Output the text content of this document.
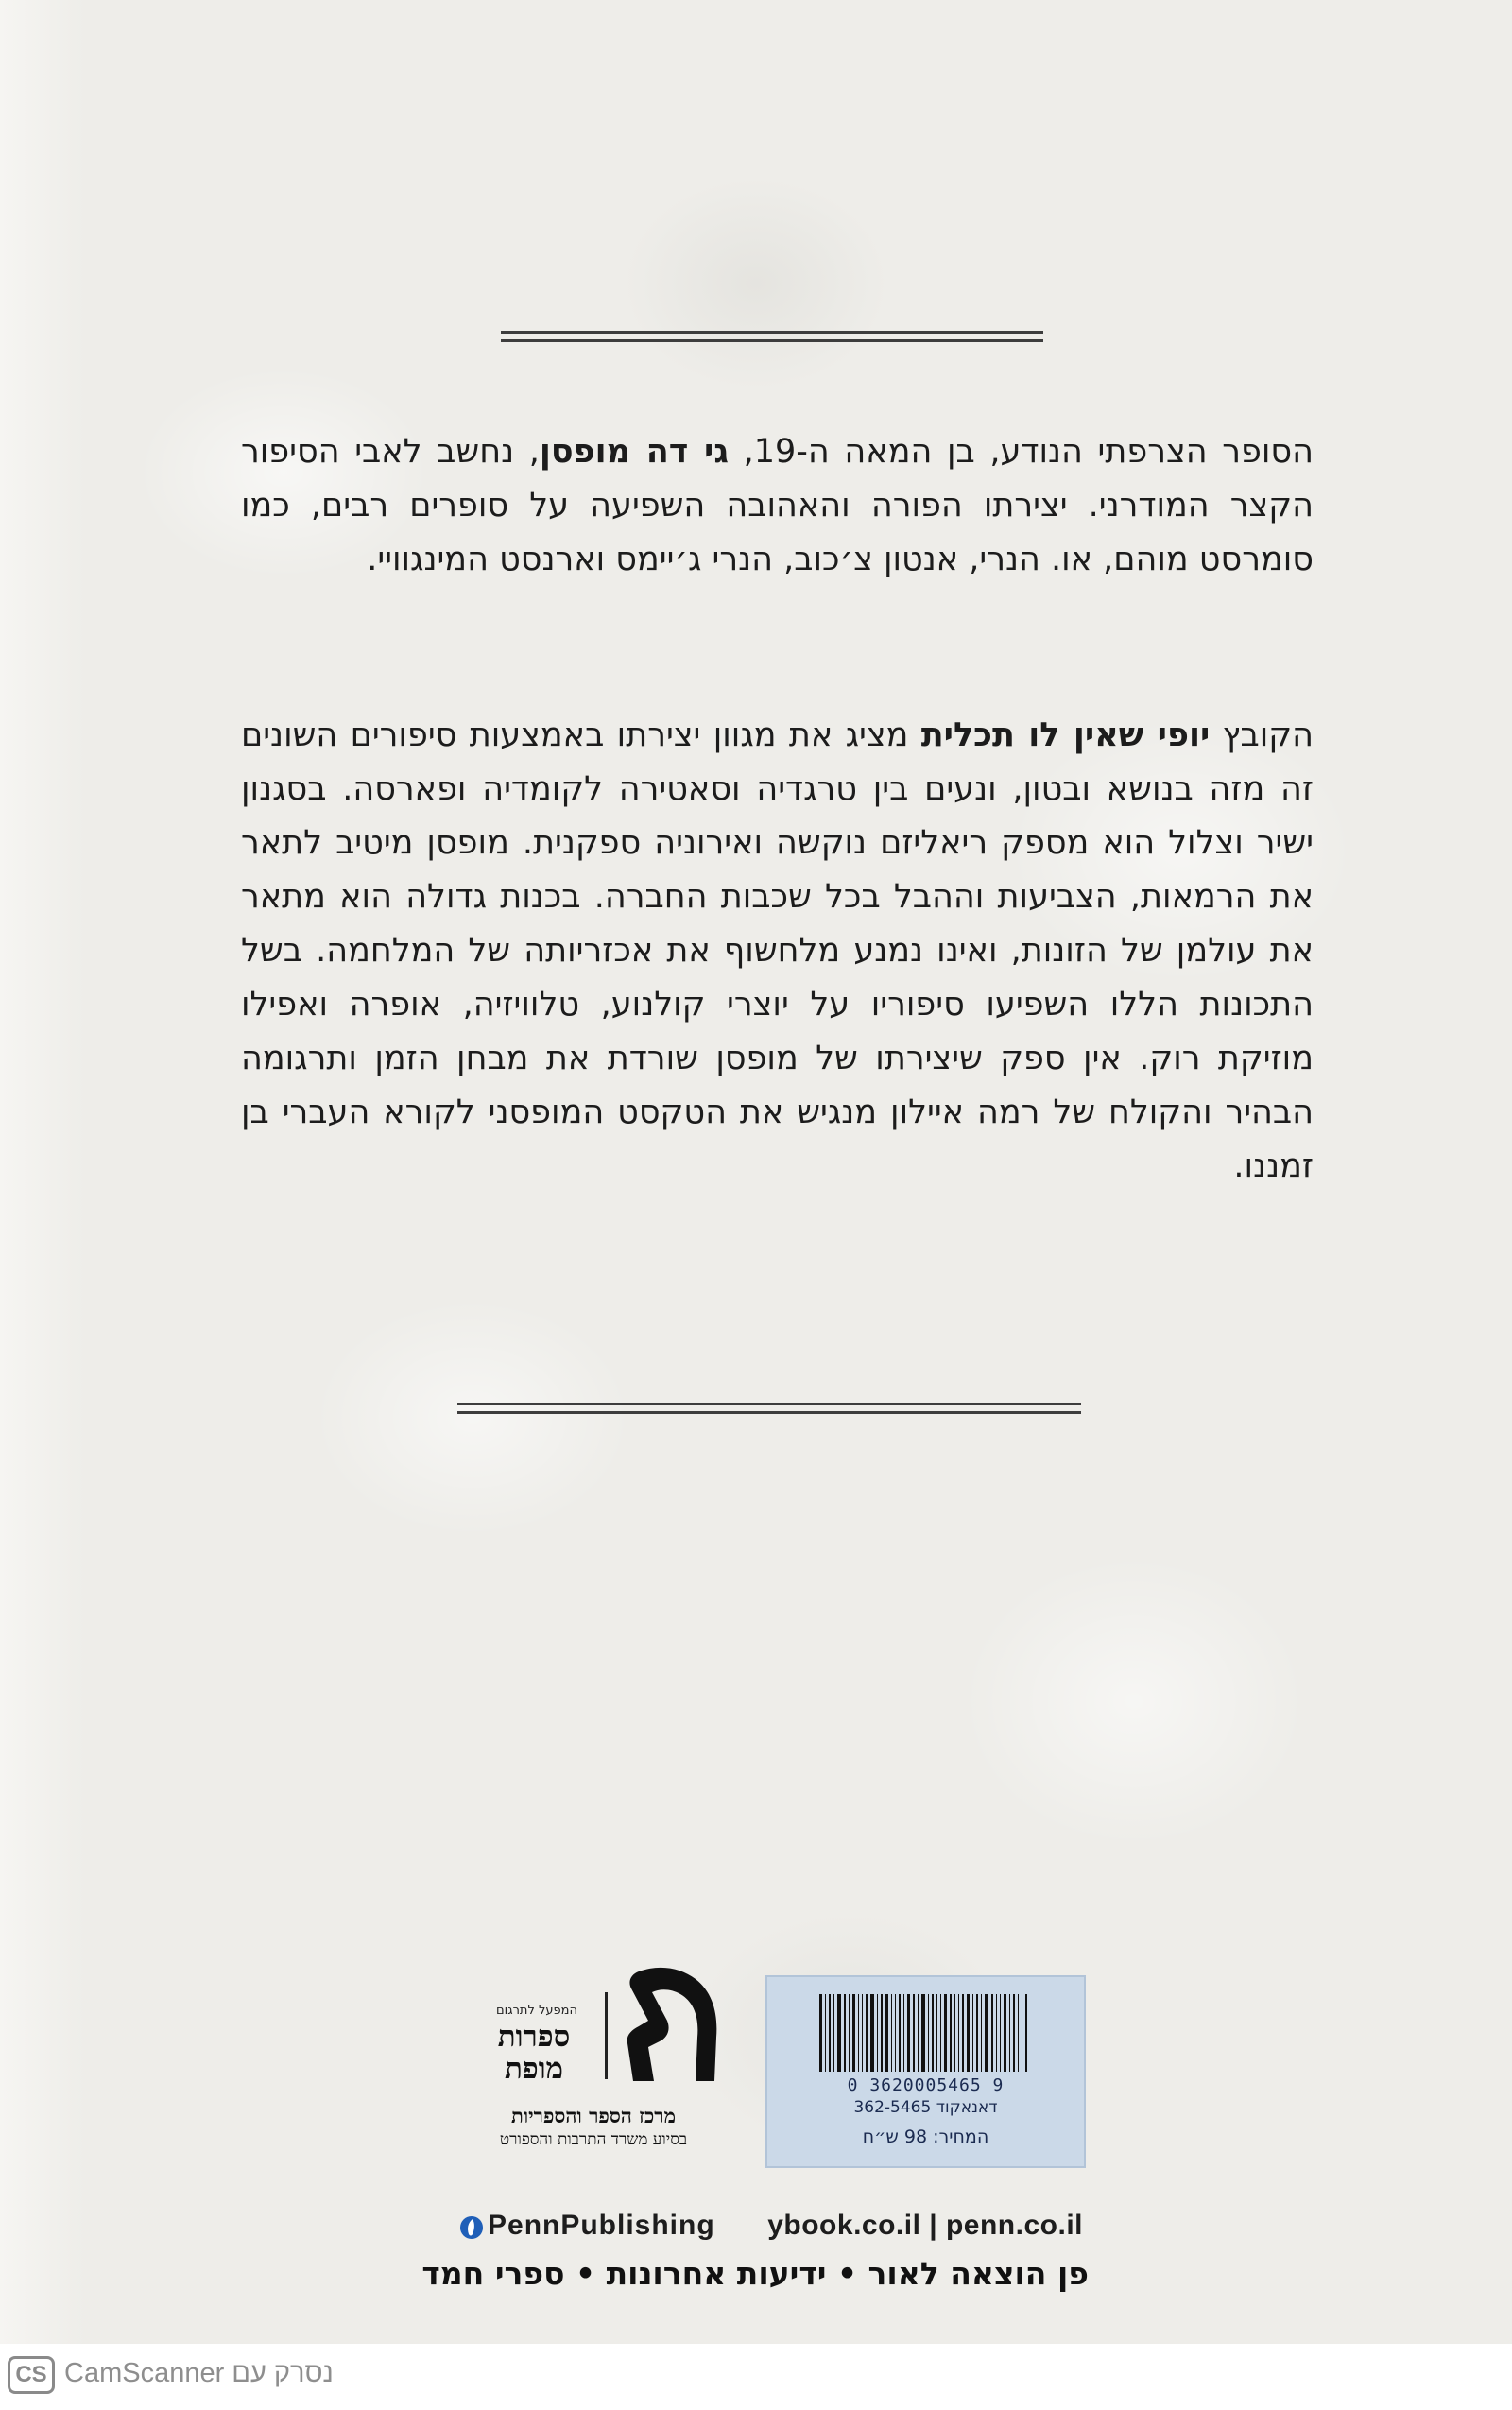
הסופר הצרפתי הנודע, בן המאה ה-19, גי דה מופסן, נחשב לאבי הסיפור הקצר המודרני. יצירתו הפורה והאהובה השפיעה על סופרים רבים, כמו סומרסט מוהם, או. הנרי, אנטון צ׳כוב, הנרי ג׳יימס וארנסט המינגוויי.

הקובץ יופי שאין לו תכלית מציג את מגוון יצירתו באמצעות סיפורים השונים זה מזה בנושא ובטון, ונעים בין טרגדיה וסאטירה לקומדיה ופארסה. בסגנון ישיר וצלול הוא מספק ריאליזם נוקשה ואירוניה ספקנית. מופסן מיטיב לתאר את הרמאות, הצביעות וההבל בכל שכבות החברה. בכנות גדולה הוא מתאר את עולמן של הזונות, ואינו נמנע מלחשוף את אכזריותה של המלחמה. בשל התכונות הללו השפיעו סיפוריו על יוצרי קולנוע, טלוויזיה, אופרה ואפילו מוזיקת רוק. אין ספק שיצירתו של מופסן שורדת את מבחן הזמן ותרגומה הבהיר והקולח של רמה איילון מנגיש את הטקסט המופסני לקורא העברי בן זמננו.

המפעל לתרגום
ספרות
מופת
מרכז הספר והספריות
בסיוע משרד התרבות והספורט
0 3620005465 9
דאנאקוד 362-5465
המחיר: 98 ש״ח
PennPublishing ybook.co.il | penn.co.il
פן הוצאה לאור • ידיעות אחרונות • ספרי חמד
CS נסרק עם CamScanner
